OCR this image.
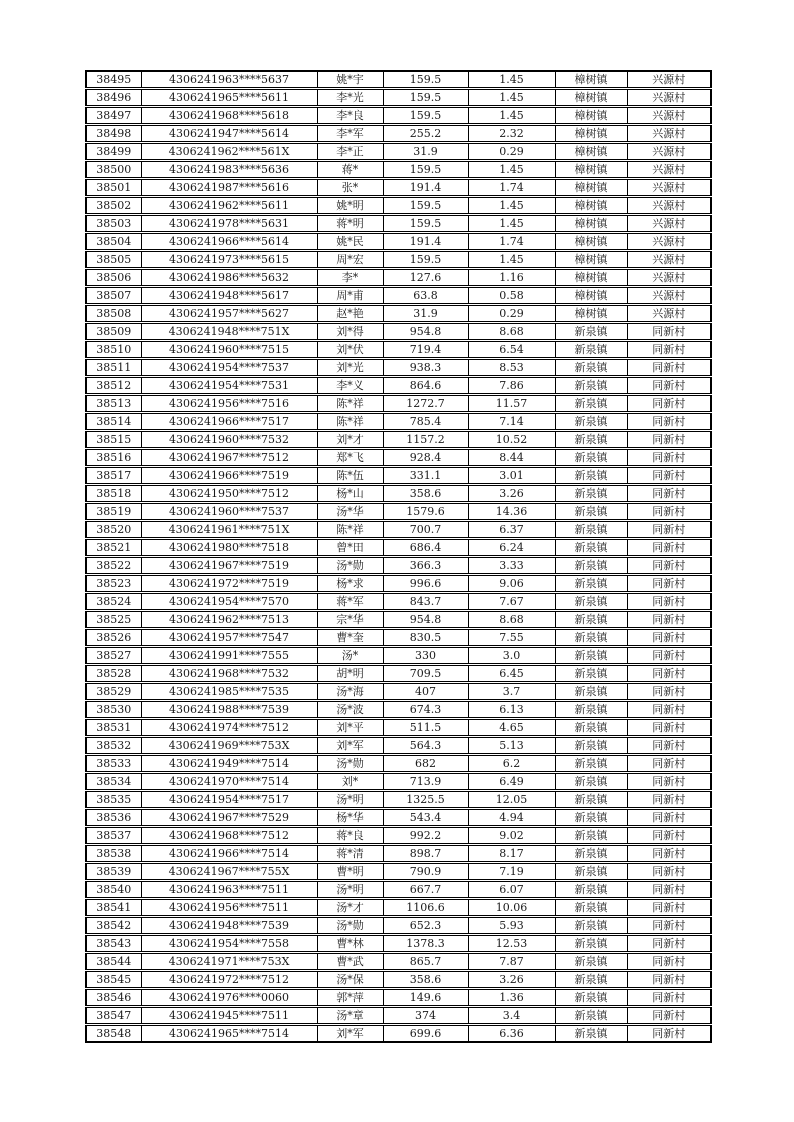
38495	4306241963****5637	姚*宇	159.5	1.45	樟树镇	兴源村
38496	4306241965****5611	李*光	159.5	1.45	樟树镇	兴源村
38497	4306241968****5618	李*良	159.5	1.45	樟树镇	兴源村
38498	4306241947****5614	李*军	255.2	2.32	樟树镇	兴源村
38499	4306241962****561X	李*正	31.9	0.29	樟树镇	兴源村
38500	4306241983****5636	蒋*	159.5	1.45	樟树镇	兴源村
38501	4306241987****5616	张*	191.4	1.74	樟树镇	兴源村
38502	4306241962****5611	姚*明	159.5	1.45	樟树镇	兴源村
38503	4306241978****5631	蒋*明	159.5	1.45	樟树镇	兴源村
38504	4306241966****5614	姚*民	191.4	1.74	樟树镇	兴源村
38505	4306241973****5615	周*宏	159.5	1.45	樟树镇	兴源村
38506	4306241986****5632	李*	127.6	1.16	樟树镇	兴源村
38507	4306241948****5617	周*甫	63.8	0.58	樟树镇	兴源村
38508	4306241957****5627	赵*艳	31.9	0.29	樟树镇	兴源村
38509	4306241948****751X	刘*得	954.8	8.68	新泉镇	同新村
38510	4306241960****7515	刘*伏	719.4	6.54	新泉镇	同新村
38511	4306241954****7537	刘*光	938.3	8.53	新泉镇	同新村
38512	4306241954****7531	李*义	864.6	7.86	新泉镇	同新村
38513	4306241956****7516	陈*祥	1272.7	11.57	新泉镇	同新村
38514	4306241966****7517	陈*祥	785.4	7.14	新泉镇	同新村
38515	4306241960****7532	刘*才	1157.2	10.52	新泉镇	同新村
38516	4306241967****7512	郑*飞	928.4	8.44	新泉镇	同新村
38517	4306241966****7519	陈*伍	331.1	3.01	新泉镇	同新村
38518	4306241950****7512	杨*山	358.6	3.26	新泉镇	同新村
38519	4306241960****7537	汤*华	1579.6	14.36	新泉镇	同新村
38520	4306241961****751X	陈*祥	700.7	6.37	新泉镇	同新村
38521	4306241980****7518	曾*田	686.4	6.24	新泉镇	同新村
38522	4306241967****7519	汤*勋	366.3	3.33	新泉镇	同新村
38523	4306241972****7519	杨*求	996.6	9.06	新泉镇	同新村
38524	4306241954****7570	蒋*军	843.7	7.67	新泉镇	同新村
38525	4306241962****7513	宗*华	954.8	8.68	新泉镇	同新村
38526	4306241957****7547	曹*奎	830.5	7.55	新泉镇	同新村
38527	4306241991****7555	汤*	330	3.0	新泉镇	同新村
38528	4306241968****7532	胡*明	709.5	6.45	新泉镇	同新村
38529	4306241985****7535	汤*海	407	3.7	新泉镇	同新村
38530	4306241988****7539	汤*波	674.3	6.13	新泉镇	同新村
38531	4306241974****7512	刘*平	511.5	4.65	新泉镇	同新村
38532	4306241969****753X	刘*军	564.3	5.13	新泉镇	同新村
38533	4306241949****7514	汤*勋	682	6.2	新泉镇	同新村
38534	4306241970****7514	刘*	713.9	6.49	新泉镇	同新村
38535	4306241954****7517	汤*明	1325.5	12.05	新泉镇	同新村
38536	4306241967****7529	杨*华	543.4	4.94	新泉镇	同新村
38537	4306241968****7512	蒋*良	992.2	9.02	新泉镇	同新村
38538	4306241966****7514	蒋*清	898.7	8.17	新泉镇	同新村
38539	4306241967****755X	曹*明	790.9	7.19	新泉镇	同新村
38540	4306241963****7511	汤*明	667.7	6.07	新泉镇	同新村
38541	4306241956****7511	汤*才	1106.6	10.06	新泉镇	同新村
38542	4306241948****7539	汤*勋	652.3	5.93	新泉镇	同新村
38543	4306241954****7558	曹*林	1378.3	12.53	新泉镇	同新村
38544	4306241971****753X	曹*武	865.7	7.87	新泉镇	同新村
38545	4306241972****7512	汤*保	358.6	3.26	新泉镇	同新村
38546	4306241976****0060	郭*萍	149.6	1.36	新泉镇	同新村
38547	4306241945****7511	汤*章	374	3.4	新泉镇	同新村
38548	4306241965****7514	刘*军	699.6	6.36	新泉镇	同新村
